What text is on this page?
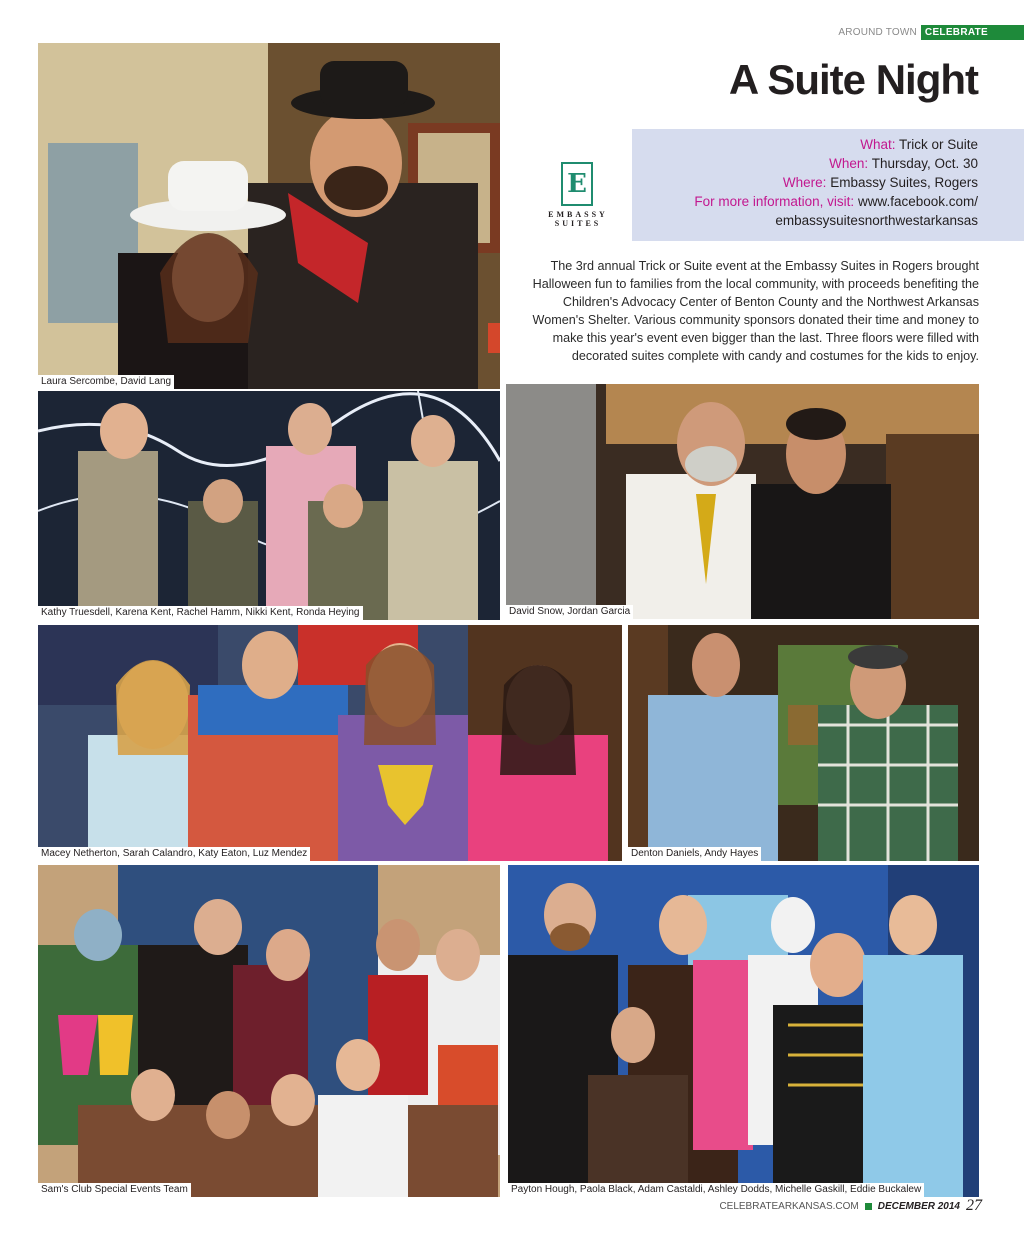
AROUND TOWN CELEBRATE
A Suite Night
What: Trick or Suite
When: Thursday, Oct. 30
Where: Embassy Suites, Rogers
For more information, visit: www.facebook.com/
embassysuitesnorthwestarkansas
E
EMBASSY
SUITES
The 3rd annual Trick or Suite event at the Embassy Suites in Rogers brought Halloween fun to families from the local community, with proceeds benefiting the Children's Advocacy Center of Benton County and the Northwest Arkansas Women's Shelter. Various community sponsors donated their time and money to make this year's event even bigger than the last. Three floors were filled with decorated suites complete with candy and costumes for the kids to enjoy.
Laura Sercombe, David Lang
Kathy Truesdell, Karena Kent, Rachel Hamm, Nikki Kent, Ronda Heying	David Snow, Jordan Garcia
Macey Netherton, Sarah Calandro, Katy Eaton, Luz Mendez	Denton Daniels, Andy Hayes
Sam's Club Special Events Team	Payton Hough, Paola Black, Adam Castaldi, Ashley Dodds, Michelle Gaskill, Eddie Buckalew
CELEBRATEARKANSAS.COM DECEMBER 2014 27
